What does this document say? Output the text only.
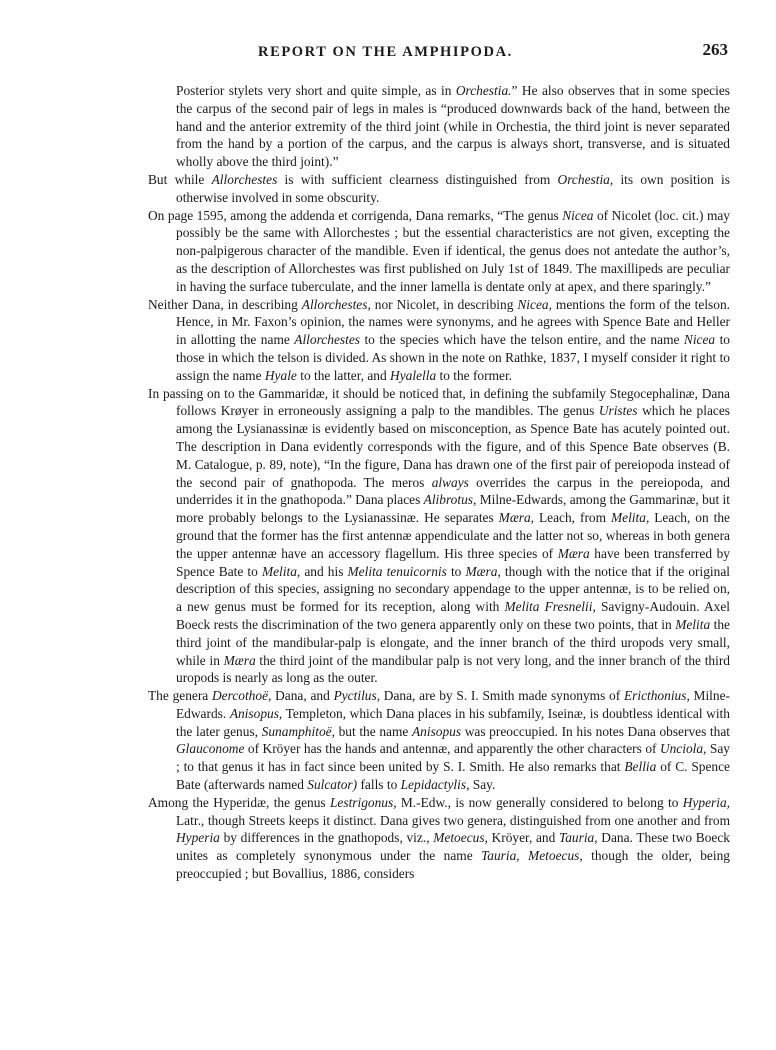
REPORT ON THE AMPHIPODA.	263

Posterior stylets very short and quite simple, as in Orchestia.” He also observes that in some species the carpus of the second pair of legs in males is “produced downwards back of the hand, between the hand and the anterior extremity of the third joint (while in Orchestia, the third joint is never separated from the hand by a portion of the carpus, and the carpus is always short, transverse, and is situated wholly above the third joint).”

But while Allorchestes is with sufficient clearness distinguished from Orchestia, its own position is otherwise involved in some obscurity.

On page 1595, among the addenda et corrigenda, Dana remarks, “The genus Nicea of Nicolet (loc. cit.) may possibly be the same with Allorchestes ; but the essential characteristics are not given, excepting the non-palpigerous character of the mandible. Even if identical, the genus does not antedate the author’s, as the description of Allorchestes was first published on July 1st of 1849. The maxillipeds are peculiar in having the surface tuberculate, and the inner lamella is dentate only at apex, and there sparingly.”

Neither Dana, in describing Allorchestes, nor Nicolet, in describing Nicea, mentions the form of the telson. Hence, in Mr. Faxon’s opinion, the names were synonyms, and he agrees with Spence Bate and Heller in allotting the name Allorchestes to the species which have the telson entire, and the name Nicea to those in which the telson is divided. As shown in the note on Rathke, 1837, I myself consider it right to assign the name Hyale to the latter, and Hyalella to the former.

In passing on to the Gammaridæ, it should be noticed that, in defining the subfamily Stegocephalinæ, Dana follows Krøyer in erroneously assigning a palp to the mandibles. The genus Uristes which he places among the Lysianassinæ is evidently based on misconception, as Spence Bate has acutely pointed out. The description in Dana evidently corresponds with the figure, and of this Spence Bate observes (B. M. Catalogue, p. 89, note), “In the figure, Dana has drawn one of the first pair of pereiopoda instead of the second pair of gnathopoda. The meros always overrides the carpus in the pereiopoda, and underrides it in the gnathopoda.” Dana places Alibrotus, Milne-Edwards, among the Gammarinæ, but it more probably belongs to the Lysianassinæ. He separates Mæra, Leach, from Melita, Leach, on the ground that the former has the first antennæ appendiculate and the latter not so, whereas in both genera the upper antennæ have an accessory flagellum. His three species of Mæra have been transferred by Spence Bate to Melita, and his Melita tenuicornis to Mæra, though with the notice that if the original description of this species, assigning no secondary appendage to the upper antennæ, is to be relied on, a new genus must be formed for its reception, along with Melita Fresnelii, Savigny-Audouin. Axel Boeck rests the discrimination of the two genera apparently only on these two points, that in Melita the third joint of the mandibular-palp is elongate, and the inner branch of the third uropods very small, while in Mæra the third joint of the mandibular palp is not very long, and the inner branch of the third uropods is nearly as long as the outer.

The genera Dercothoë, Dana, and Pyctilus, Dana, are by S. I. Smith made synonyms of Ericthonius, Milne-Edwards. Anisopus, Templeton, which Dana places in his subfamily, Iseinæ, is doubtless identical with the later genus, Sunamphitoë, but the name Anisopus was preoccupied. In his notes Dana observes that Glauconome of Kröyer has the hands and antennæ, and apparently the other characters of Unciola, Say ; to that genus it has in fact since been united by S. I. Smith. He also remarks that Bellia of C. Spence Bate (afterwards named Sulcator) falls to Lepidactylis, Say.

Among the Hyperidæ, the genus Lestrigonus, M.-Edw., is now generally considered to belong to Hyperia, Latr., though Streets keeps it distinct. Dana gives two genera, distinguished from one another and from Hyperia by differences in the gnathopods, viz., Metoecus, Kröyer, and Tauria, Dana. These two Boeck unites as completely synonymous under the name Tauria, Metoecus, though the older, being preoccupied ; but Bovallius, 1886, considers
